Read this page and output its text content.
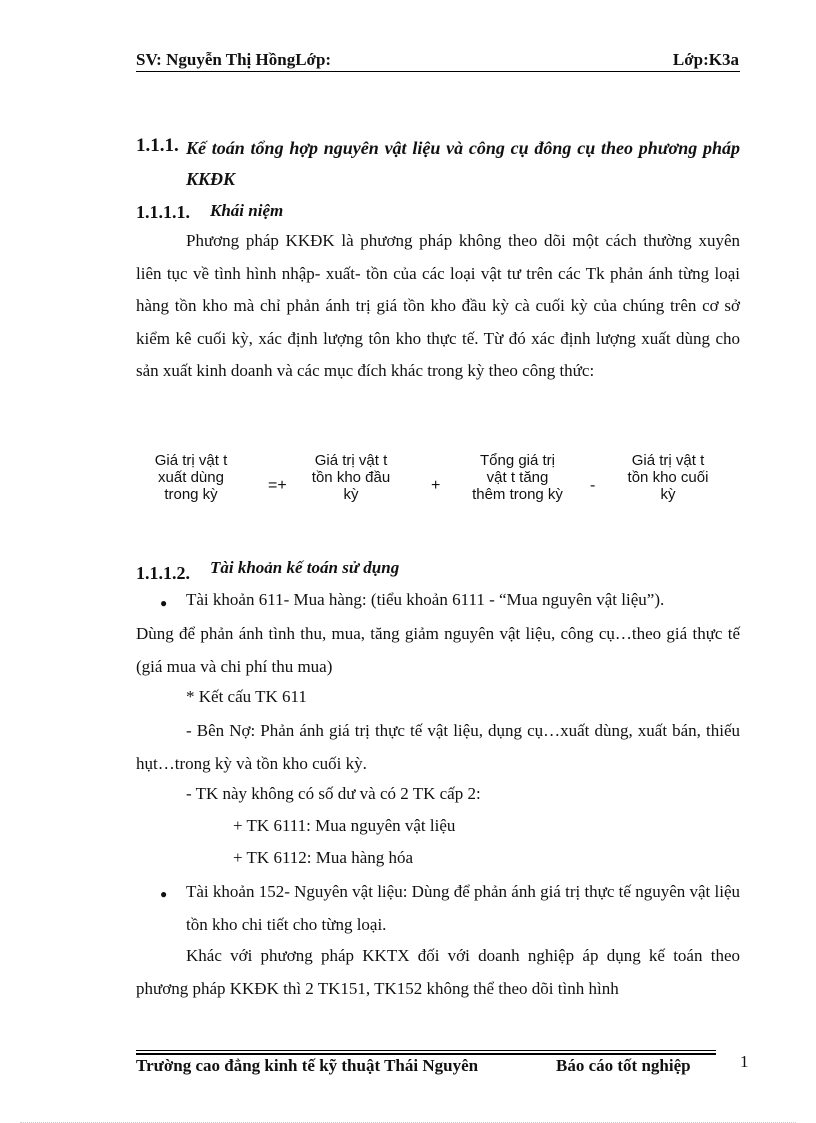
SV: Nguyễn Thị HồngLớp:	Lớp:K3a
1.1.1. Kế toán tổng hợp nguyên vật liệu và công cụ đông cụ theo phương pháp KKĐK
1.1.1.1. Khái niệm
Phương pháp KKĐK là phương pháp không theo dõi một cách thường xuyên liên tục về tình hình nhập- xuất- tồn của các loại vật tư trên các Tk phản ánh từng loại hàng tồn kho mà chỉ phản ánh trị giá tồn kho đầu kỳ cà cuối kỳ của chúng trên cơ sở kiểm kê cuối kỳ, xác định lượng tôn kho thực tế. Từ đó xác định lượng xuất dùng cho sản xuất kinh doanh và các mục đích khác trong kỳ theo công thức:
Giá trị vật t
xuất dùng
trong kỳ
=+
Giá trị vật t
tồn kho đầu
kỳ
+
Tổng giá trị
vật t tăng
thêm trong kỳ
-
Giá trị vật t
tồn kho cuối
kỳ
1.1.1.2. Tài khoản kế toán sử dụng
● Tài khoản 611- Mua hàng: (tiểu khoản 6111 - “Mua nguyên vật liệu”).
Dùng để phản ánh tình thu, mua, tăng giảm nguyên vật liệu, công cụ…theo giá thực tế (giá mua và chi phí thu mua)
* Kết cấu TK 611
- Bên Nợ: Phản ánh giá trị thực tế vật liệu, dụng cụ…xuất dùng, xuất bán, thiếu hụt…trong kỳ và tồn kho cuối kỳ.
- TK này không có số dư và có 2 TK cấp 2:
+ TK 6111: Mua nguyên vật liệu
+ TK 6112: Mua hàng hóa
● Tài khoản 152- Nguyên vật liệu: Dùng để phản ánh giá trị thực tế nguyên vật liệu tồn kho chi tiết cho từng loại.
Khác với phương pháp KKTX đối với doanh nghiệp áp dụng kế toán theo phương pháp KKĐK thì 2 TK151, TK152 không thể theo dõi tình hình
Trường cao đẳng kinh tế kỹ thuật Thái Nguyên	Báo cáo tốt nghiệp	1
